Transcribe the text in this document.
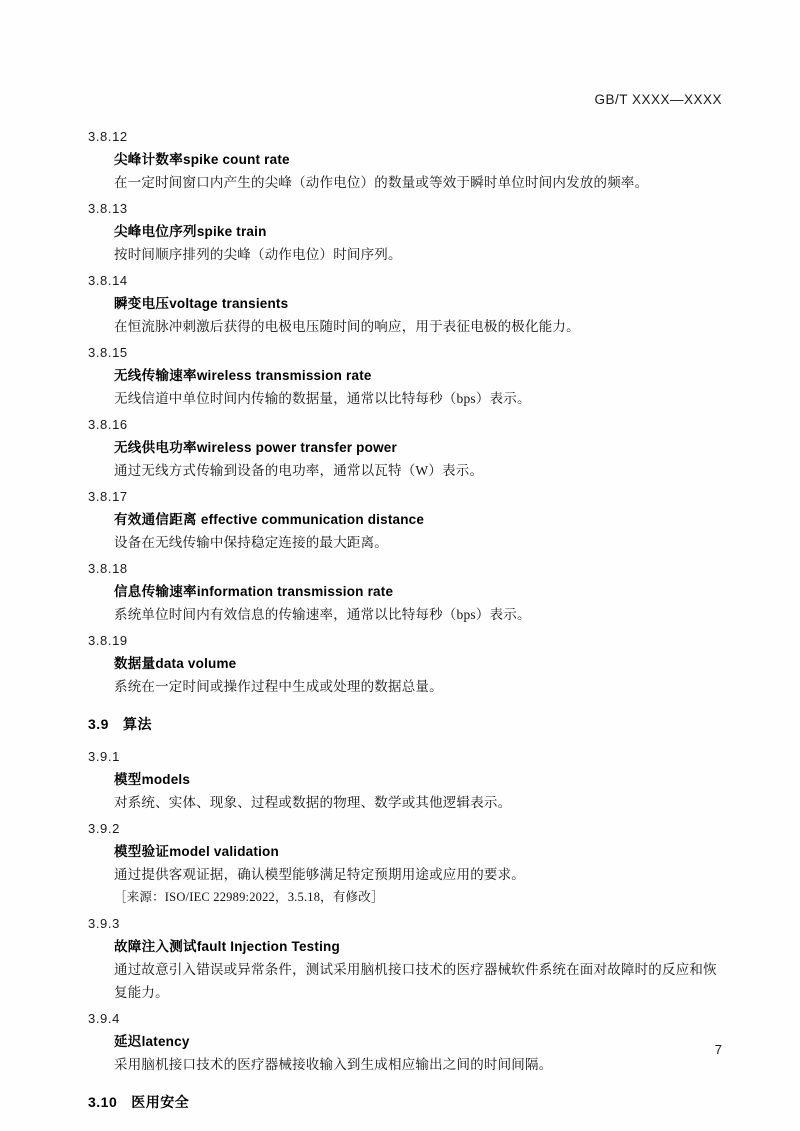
GB/T XXXX—XXXX
3.8.12
尖峰计数率spike count rate
在一定时间窗口内产生的尖峰（动作电位）的数量或等效于瞬时单位时间内发放的频率。
3.8.13
尖峰电位序列spike train
按时间顺序排列的尖峰（动作电位）时间序列。
3.8.14
瞬变电压voltage transients
在恒流脉冲刺激后获得的电极电压随时间的响应，用于表征电极的极化能力。
3.8.15
无线传输速率wireless transmission rate
无线信道中单位时间内传输的数据量，通常以比特每秒（bps）表示。
3.8.16
无线供电功率wireless power transfer power
通过无线方式传输到设备的电功率，通常以瓦特（W）表示。
3.8.17
有效通信距离 effective communication distance
设备在无线传输中保持稳定连接的最大距离。
3.8.18
信息传输速率information transmission rate
系统单位时间内有效信息的传输速率，通常以比特每秒（bps）表示。
3.8.19
数据量data volume
系统在一定时间或操作过程中生成或处理的数据总量。
3.9 算法
3.9.1
模型models
对系统、实体、现象、过程或数据的物理、数学或其他逻辑表示。
3.9.2
模型验证model validation
通过提供客观证据，确认模型能够满足特定预期用途或应用的要求。
［来源：ISO/IEC 22989:2022，3.5.18，有修改］
3.9.3
故障注入测试fault Injection Testing
通过故意引入错误或异常条件，测试采用脑机接口技术的医疗器械软件系统在面对故障时的反应和恢复能力。
3.9.4
延迟latency
采用脑机接口技术的医疗器械接收输入到生成相应输出之间的时间间隔。
3.10 医用安全
7
